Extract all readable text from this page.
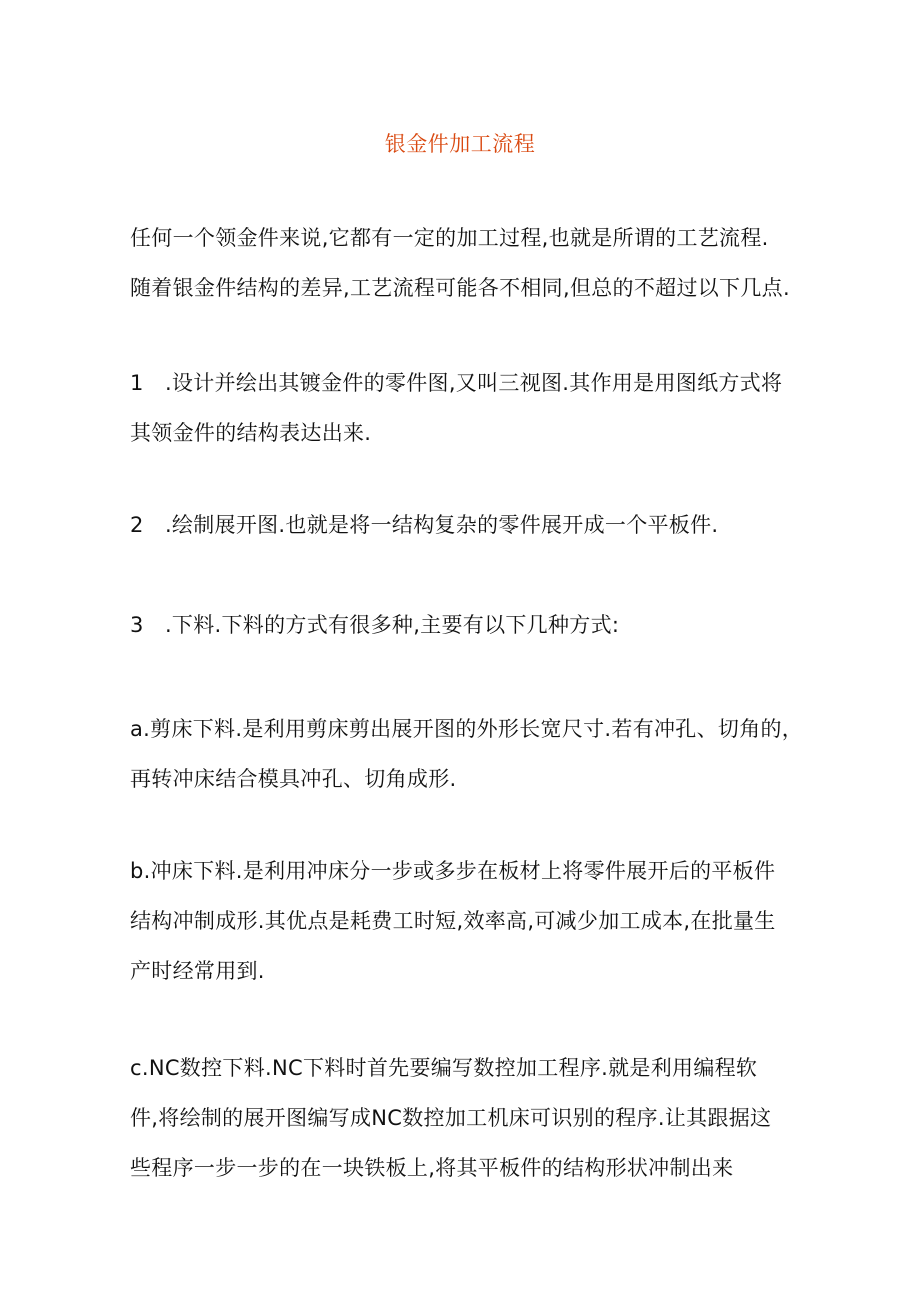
银金件加工流程
任何一个领金件来说,它都有一定的加工过程,也就是所谓的工艺流程.
随着银金件结构的差异,工艺流程可能各不相同,但总的不超过以下几点.
1　.设计并绘出其镀金件的零件图,又叫三视图.其作用是用图纸方式将
其领金件的结构表达出来.
2　.绘制展开图.也就是将一结构复杂的零件展开成一个平板件.
3　.下料.下料的方式有很多种,主要有以下几种方式:
a.剪床下料.是利用剪床剪出展开图的外形长宽尺寸.若有冲孔、切角的，
再转冲床结合模具冲孔、切角成形.
b.冲床下料.是利用冲床分一步或多步在板材上将零件展开后的平板件
结构冲制成形.其优点是耗费工时短,效率高,可减少加工成本,在批量生
产时经常用到.
c.NC数控下料.NC下料时首先要编写数控加工程序.就是利用编程软
件,将绘制的展开图编写成NC数控加工机床可识别的程序.让其跟据这
些程序一步一步的在一块铁板上,将其平板件的结构形状冲制出来
